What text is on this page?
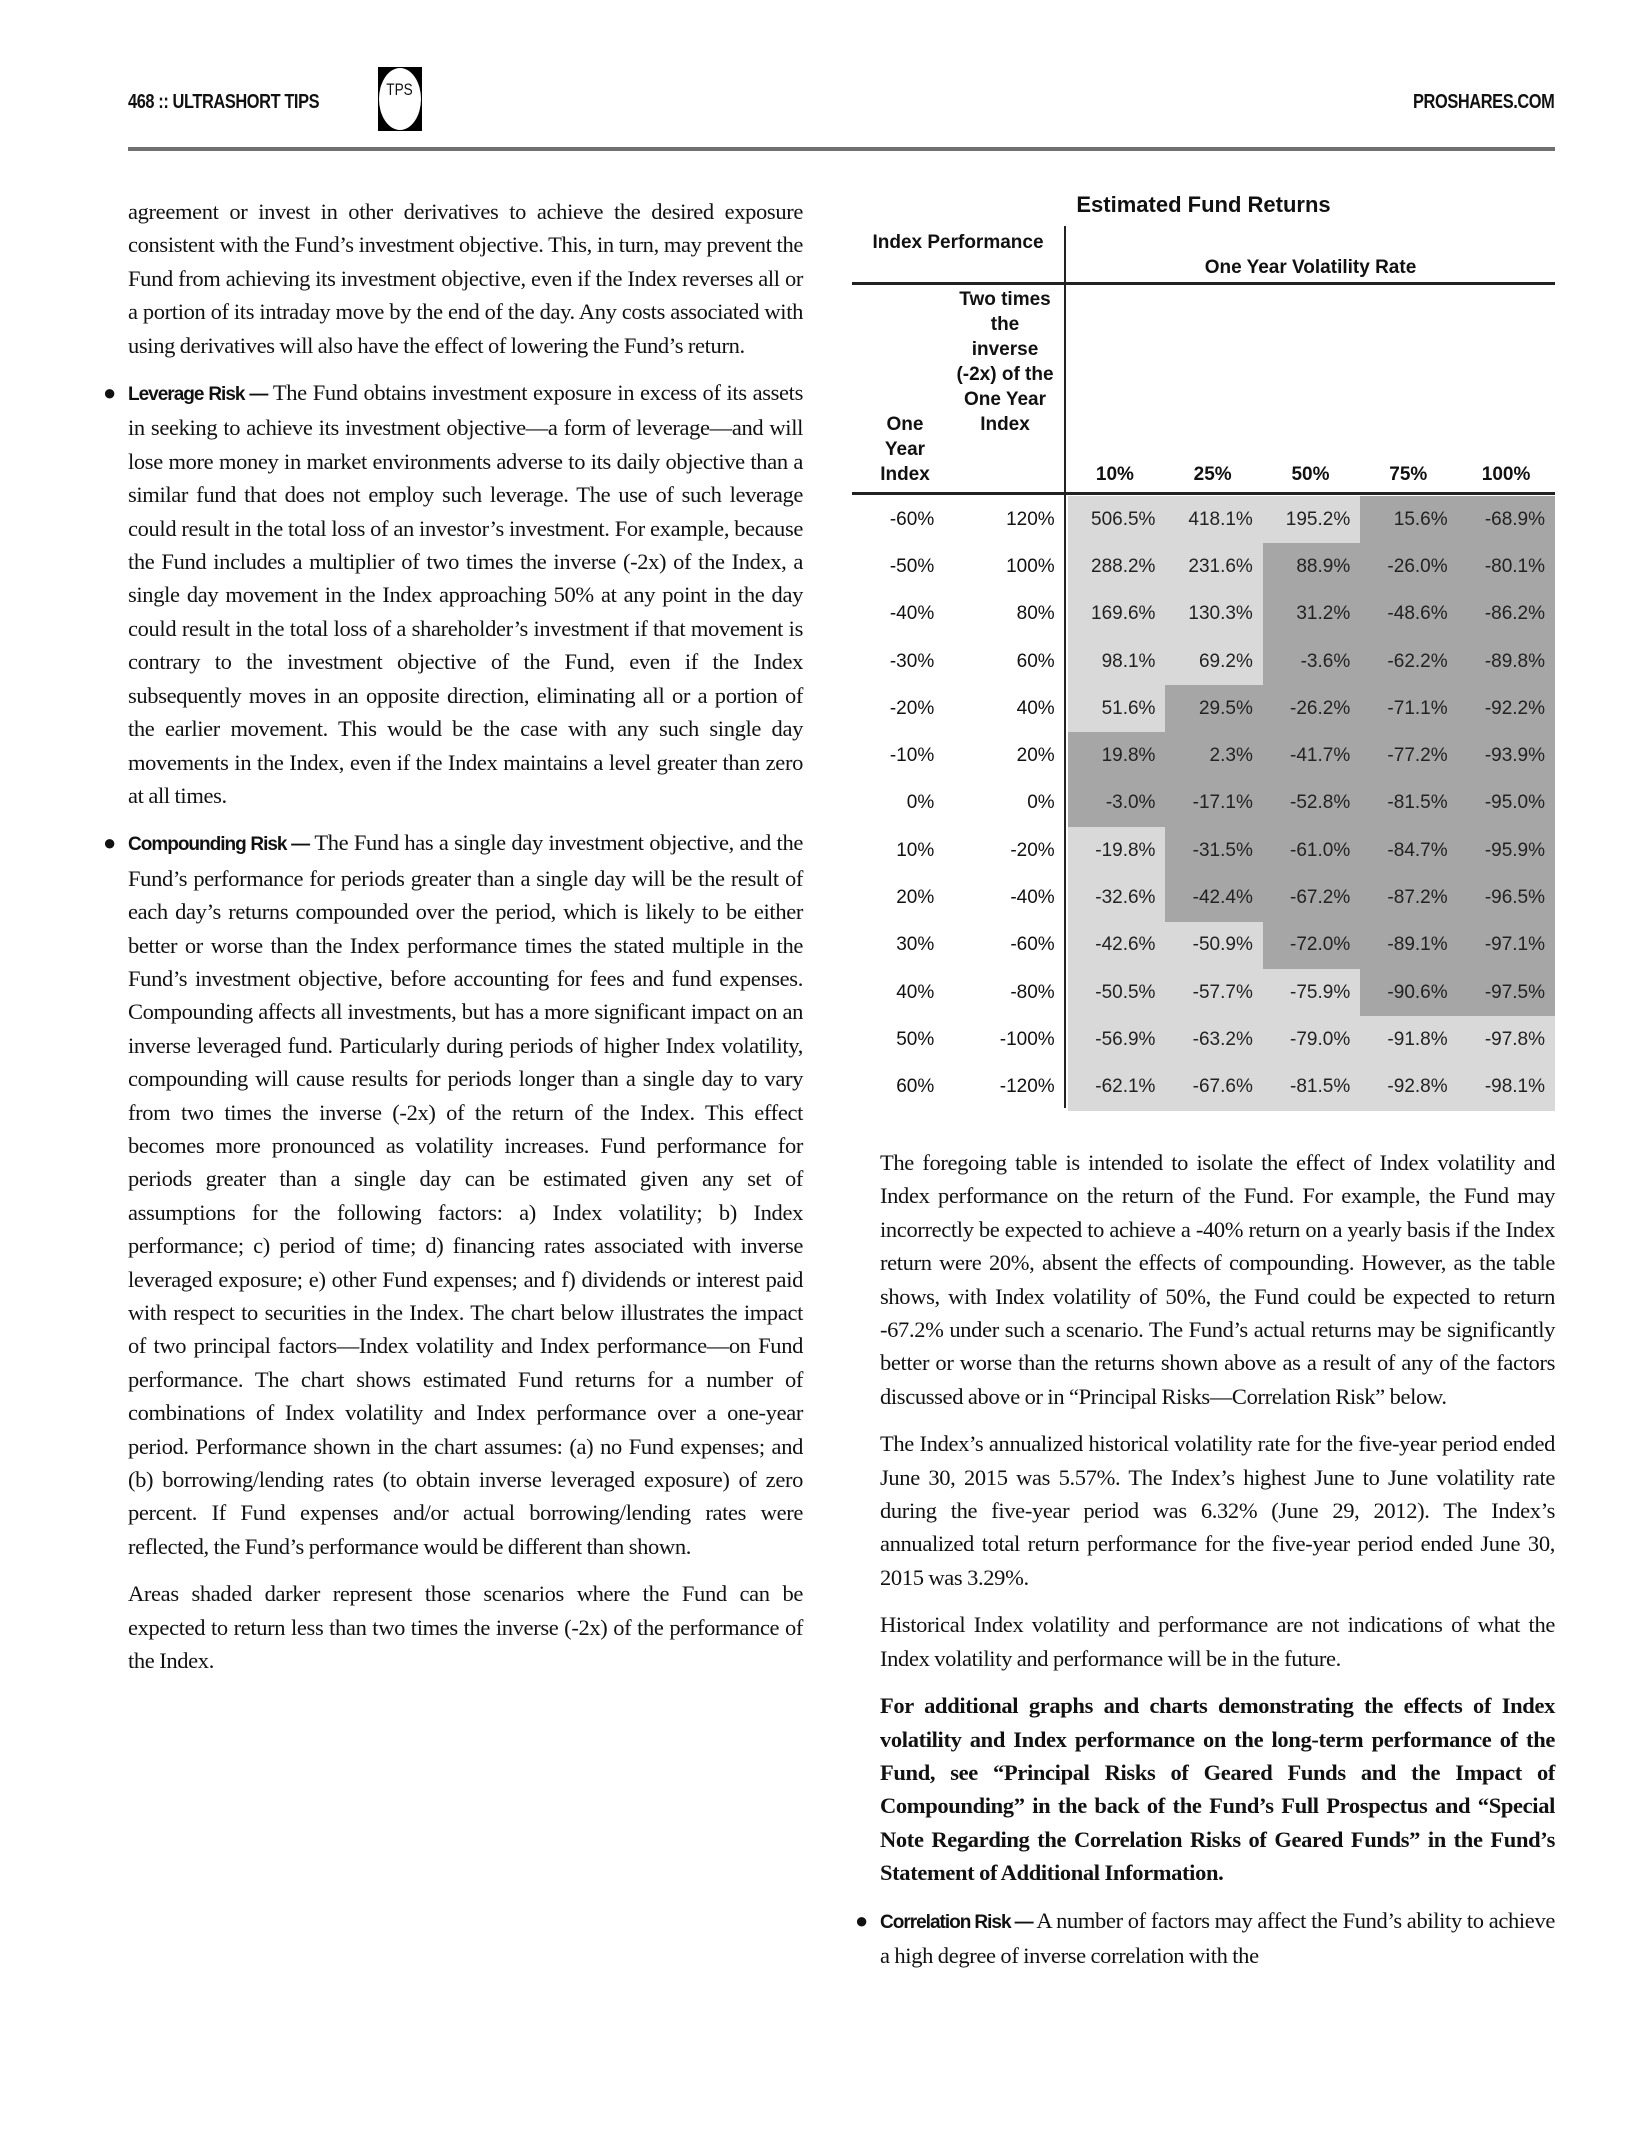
468 :: ULTRASHORT TIPS
TPS
PROSHARES.COM

agreement or invest in other derivatives to achieve the desired exposure consistent with the Fund’s investment objective. This, in turn, may prevent the Fund from achieving its investment objective, even if the Index reverses all or a portion of its intraday move by the end of the day. Any costs associated with using derivatives will also have the effect of lowering the Fund’s return.

● Leverage Risk — The Fund obtains investment exposure in excess of its assets in seeking to achieve its investment objective—a form of leverage—and will lose more money in market environments adverse to its daily objective than a similar fund that does not employ such leverage. The use of such leverage could result in the total loss of an investor’s investment. For example, because the Fund includes a multiplier of two times the inverse (-2x) of the Index, a single day movement in the Index approaching 50% at any point in the day could result in the total loss of a shareholder’s investment if that movement is contrary to the investment objective of the Fund, even if the Index subsequently moves in an opposite direction, eliminating all or a portion of the earlier movement. This would be the case with any such single day movements in the Index, even if the Index maintains a level greater than zero at all times.

● Compounding Risk — The Fund has a single day investment objective, and the Fund’s performance for periods greater than a single day will be the result of each day’s returns compounded over the period, which is likely to be either better or worse than the Index performance times the stated multiple in the Fund’s investment objective, before accounting for fees and fund expenses. Compounding affects all investments, but has a more significant impact on an inverse leveraged fund. Particularly during periods of higher Index volatility, compounding will cause results for periods longer than a single day to vary from two times the inverse (-2x) of the return of the Index. This effect becomes more pronounced as volatility increases. Fund performance for periods greater than a single day can be estimated given any set of assumptions for the following factors: a) Index volatility; b) Index performance; c) period of time; d) financing rates associated with inverse leveraged exposure; e) other Fund expenses; and f) dividends or interest paid with respect to securities in the Index. The chart below illustrates the impact of two principal factors—Index volatility and Index performance—on Fund performance. The chart shows estimated Fund returns for a number of combinations of Index volatility and Index performance over a one-year period. Performance shown in the chart assumes: (a) no Fund expenses; and (b) borrowing/lending rates (to obtain inverse leveraged exposure) of zero percent. If Fund expenses and/or actual borrowing/lending rates were reflected, the Fund’s performance would be different than shown.

Areas shaded darker represent those scenarios where the Fund can be expected to return less than two times the inverse (-2x) of the performance of the Index.

Estimated Fund Returns
Index Performance
One Year Volatility Rate
One Year Index
Two times the inverse (-2x) of the One Year Index
10%	25%	50%	75%	100%
-60%	120%	506.5%	418.1%	195.2%	15.6%	-68.9%
-50%	100%	288.2%	231.6%	88.9%	-26.0%	-80.1%
-40%	80%	169.6%	130.3%	31.2%	-48.6%	-86.2%
-30%	60%	98.1%	69.2%	-3.6%	-62.2%	-89.8%
-20%	40%	51.6%	29.5%	-26.2%	-71.1%	-92.2%
-10%	20%	19.8%	2.3%	-41.7%	-77.2%	-93.9%
0%	0%	-3.0%	-17.1%	-52.8%	-81.5%	-95.0%
10%	-20%	-19.8%	-31.5%	-61.0%	-84.7%	-95.9%
20%	-40%	-32.6%	-42.4%	-67.2%	-87.2%	-96.5%
30%	-60%	-42.6%	-50.9%	-72.0%	-89.1%	-97.1%
40%	-80%	-50.5%	-57.7%	-75.9%	-90.6%	-97.5%
50%	-100%	-56.9%	-63.2%	-79.0%	-91.8%	-97.8%
60%	-120%	-62.1%	-67.6%	-81.5%	-92.8%	-98.1%

The foregoing table is intended to isolate the effect of Index volatility and Index performance on the return of the Fund. For example, the Fund may incorrectly be expected to achieve a -40% return on a yearly basis if the Index return were 20%, absent the effects of compounding. However, as the table shows, with Index volatility of 50%, the Fund could be expected to return -67.2% under such a scenario. The Fund’s actual returns may be significantly better or worse than the returns shown above as a result of any of the factors discussed above or in “Principal Risks—Correlation Risk” below.

The Index’s annualized historical volatility rate for the five-year period ended June 30, 2015 was 5.57%. The Index’s highest June to June volatility rate during the five-year period was 6.32% (June 29, 2012). The Index’s annualized total return performance for the five-year period ended June 30, 2015 was 3.29%.

Historical Index volatility and performance are not indications of what the Index volatility and performance will be in the future.

For additional graphs and charts demonstrating the effects of Index volatility and Index performance on the long-term performance of the Fund, see “Principal Risks of Geared Funds and the Impact of Compounding” in the back of the Fund’s Full Prospectus and “Special Note Regarding the Correlation Risks of Geared Funds” in the Fund’s Statement of Additional Information.

● Correlation Risk — A number of factors may affect the Fund’s ability to achieve a high degree of inverse correlation with the
